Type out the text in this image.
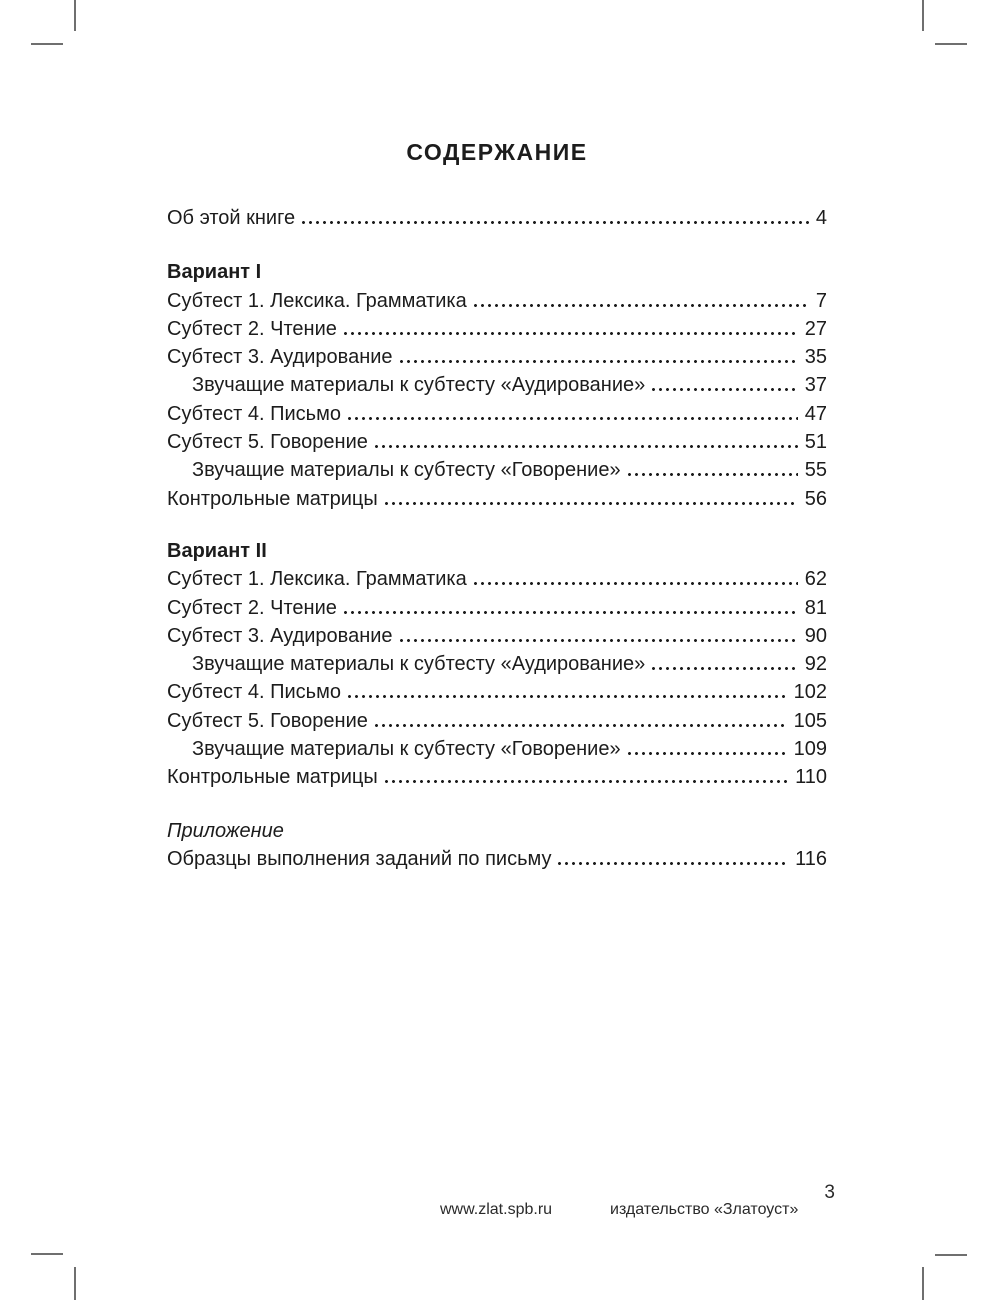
СОДЕРЖАНИЕ
Об этой книге	4
Вариант I
Субтест 1. Лексика. Грамматика	7
Субтест 2. Чтение	27
Субтест 3. Аудирование	35
Звучащие материалы к субтесту «Аудирование»	37
Субтест 4. Письмо	47
Субтест 5. Говорение	51
Звучащие материалы к субтесту «Говорение»	55
Контрольные матрицы	56
Вариант II
Субтест 1. Лексика. Грамматика	62
Субтест 2. Чтение	81
Субтест 3. Аудирование	90
Звучащие материалы к субтесту «Аудирование»	92
Субтест 4. Письмо	102
Субтест 5. Говорение	105
Звучащие материалы к субтесту «Говорение»	109
Контрольные матрицы	110
Приложение
Образцы выполнения заданий по письму	116
www.zlat.spb.ru	издательство «Златоуст»
3
